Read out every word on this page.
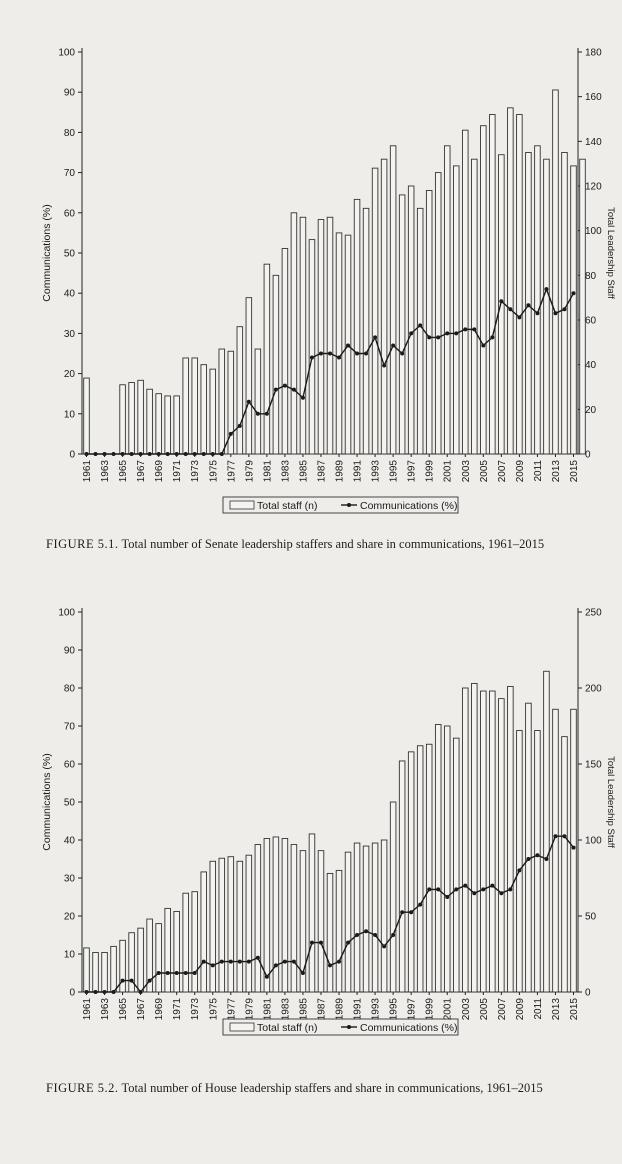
0
10
20
30
40
50
60
70
80
90
100
0
20
40
60
80
100
120
140
160
180
Communications (%)	Total Leadership Staff
1961 1963 1965 1967 1969 1971 1973 1975 1977 1979 1981 1983 1985 1987 1989 1991 1993 1995 1997 1999 2001 2003 2005 2007 2009 2011 2013 2015
Total staff (n)	Communications (%)
FIGURE 5.1. Total number of Senate leadership staffers and share in communications, 1961–2015
0
10
20
30
40
50
60
70
80
90
100
0
50
100
150
200
250
Communications (%)	Total Leadership Staff
1961 1963 1965 1967 1969 1971 1973 1975 1977 1979 1981 1983 1985 1987 1989 1991 1993 1995 1997 1999 2001 2003 2005 2007 2009 2011 2013 2015
Total staff (n)	Communications (%)
FIGURE 5.2. Total number of House leadership staffers and share in communications, 1961–2015
